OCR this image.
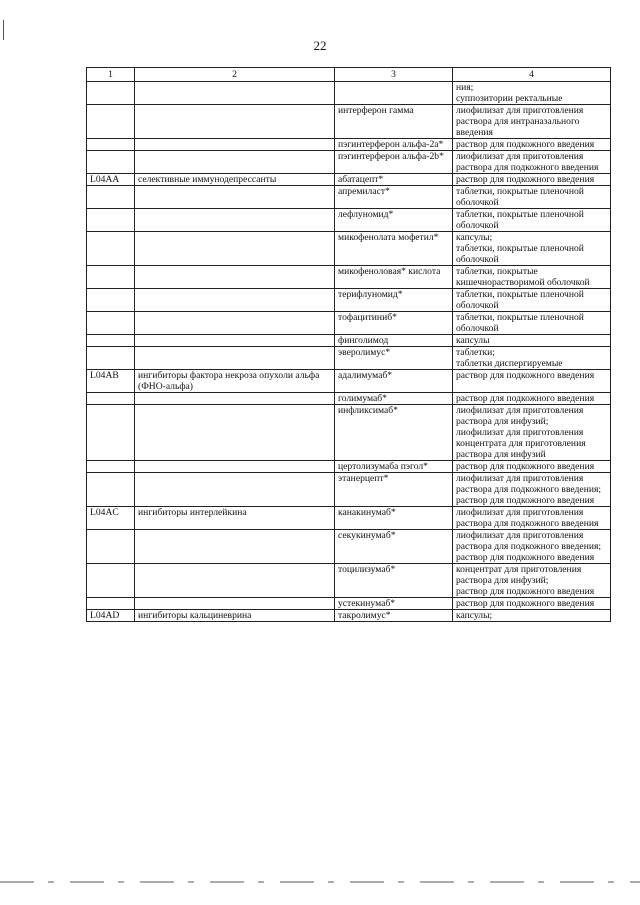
22
1	2	3	4
			ния;
суппозитории ректальные
		интерферон гамма	лиофилизат для приготовления раствора для интраназального введения
		пэгинтерферон альфа-2a*	раствор для подкожного введения
		пэгинтерферон альфа-2b*	лиофилизат для приготовления раствора для подкожного введения
L04AA	селективные иммунодепрессанты	абатацепт*	раствор для подкожного введения
		апремиласт*	таблетки, покрытые пленочной оболочкой
		лефлуномид*	таблетки, покрытые пленочной оболочкой
		микофенолата мофетил*	капсулы;
таблетки, покрытые пленочной оболочкой
		микофеноловая* кислота	таблетки, покрытые кишечнорастворимой оболочкой
		терифлуномид*	таблетки, покрытые пленочной оболочкой
		тофацитиниб*	таблетки, покрытые пленочной оболочкой
		финголимод	капсулы
		эверолимус*	таблетки;
таблетки диспергируемые
L04AB	ингибиторы фактора некроза опухоли альфа (ФНО-альфа)	адалимумаб*	раствор для подкожного введения
		голимумаб*	раствор для подкожного введения
		инфликсимаб*	лиофилизат для приготовления раствора для инфузий;
лиофилизат для приготовления концентрата для приготовления раствора для инфузий
		цертолизумаба пэгол*	раствор для подкожного введения
		этанерцепт*	лиофилизат для приготовления раствора для подкожного введения;
раствор для подкожного введения
L04AC	ингибиторы интерлейкина	канакинумаб*	лиофилизат для приготовления раствора для подкожного введения
		секукинумаб*	лиофилизат для приготовления раствора для подкожного введения;
раствор для подкожного введения
		тоцилизумаб*	концентрат для приготовления раствора для инфузий;
раствор для подкожного введения
		устекинумаб*	раствор для подкожного введения
L04AD	ингибиторы кальциневрина	такролимус*	капсулы;
